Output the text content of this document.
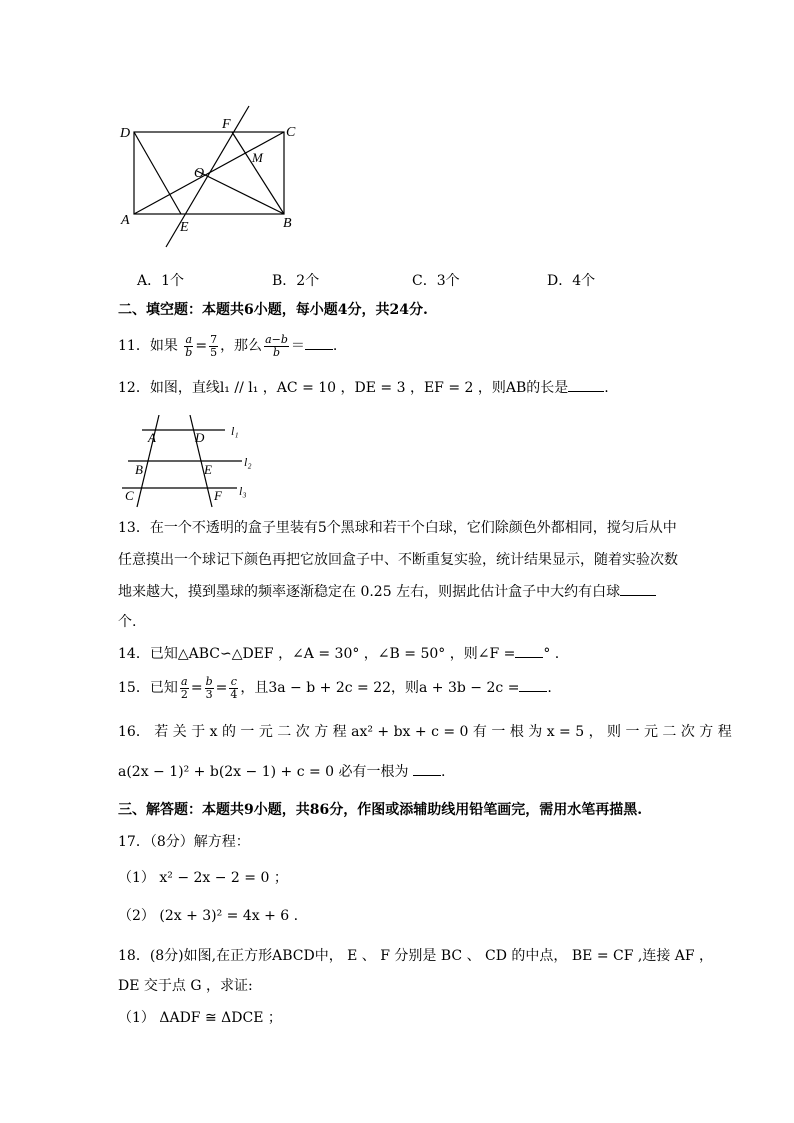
D
F
C
M
O
A	E	B
A．1个	B．2个	C．3个	D．4个
二、填空题：本题共6小题，每小题4分，共24分.
11．如果 $\frac{a}{b} = \frac{7}{5}$ ，那么 $\frac{a-b}{b}$ ＝ .
12．如图，直线l₁ // l₁ ，AC = 10 ，DE = 3 ，EF = 2 ，则AB的长是	.
A	D l₁
B	E	l₂
C	F l₃
13．在一个不透明的盒子里装有5个黑球和若干个白球，它们除颜色外都相同，搅匀后从中
任意摸出一个球记下颜色再把它放回盒子中、不断重复实验，统计结果显示，随着实验次数
地来越大，摸到墨球的频率逐渐稳定在 0.25 左右，则据此估计盒子中大约有白球
个.
14．已知△ABC∽△DEF ，∠A = 30° ，∠B = 50° ，则∠F = ° .
15．已知 $\frac{a}{2} = \frac{b}{3} = \frac{c}{4}$ ，且3a − b + 2c = 22，则a + 3b − 2c = .
16． 若 关 于 x 的 一 元 二 次 方 程 ax² + bx + c = 0 有 一 根 为 x = 5 ， 则 一 元 二 次 方 程
a(2x − 1)² + b(2x − 1) + c = 0 必有一根为 .
三、解答题：本题共9小题，共86分，作图或添辅助线用铅笔画完，需用水笔再描黑.
17．（8分）解方程：
（1） x² − 2x − 2 = 0 ；
（2） (2x + 3)² = 4x + 6 .
18．(8分)如图,在正方形ABCD中， E 、 F 分别是 BC 、 CD 的中点， BE = CF ,连接 AF ，
DE 交于点 G ，求证:
（1） ΔADF ≅ ΔDCE ；
